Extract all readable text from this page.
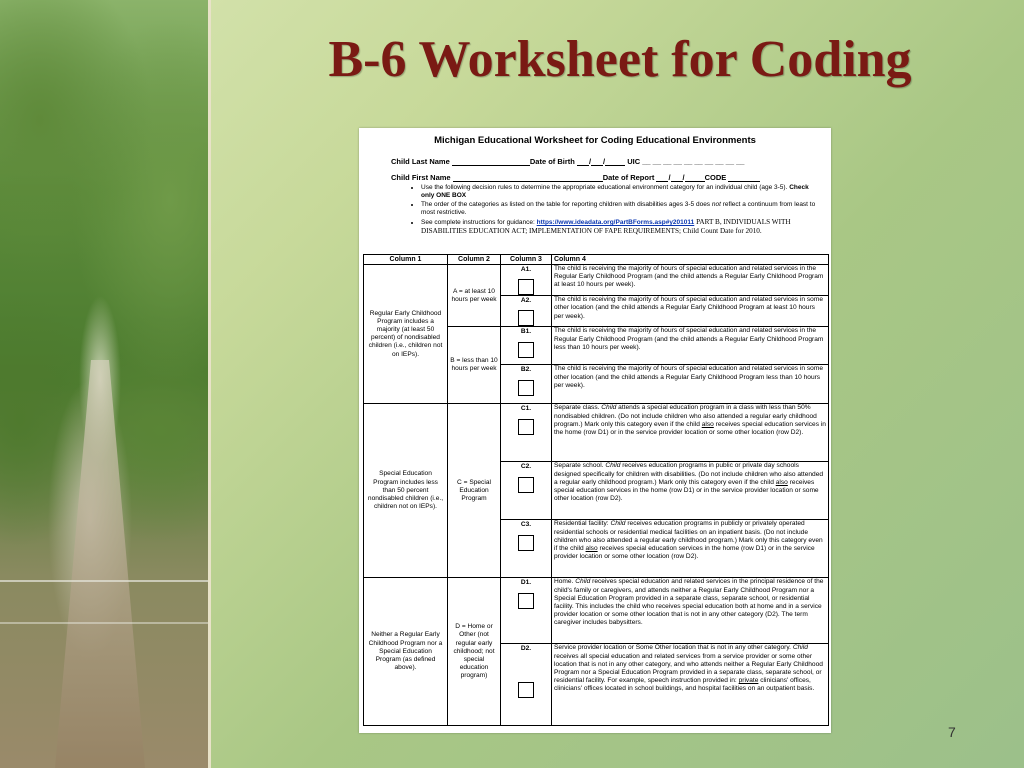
B-6 Worksheet for Coding
Michigan Educational Worksheet for Coding Educational Environments
Child Last Name	Date of Birth / /	UIC __ __ __ __ __ __ __ __ __ __
Child First Name	Date of Report / /	CODE
• Use the following decision rules to determine the appropriate educational environment category for an individual child (age 3-5). Check only ONE BOX
• The order of the categories as listed on the table for reporting children with disabilities ages 3-5 does not reflect a continuum from least to most restrictive.
• See complete instructions for guidance: https://www.ideadata.org/PartBForms.asp#y201011 PART B, INDIVIDUALS WITH DISABILITIES EDUCATION ACT; IMPLEMENTATION OF FAPE REQUIREMENTS; Child Count Date for 2010.
Column 1	Column 2	Column 3	Column 4
Regular Early Childhood Program includes a majority (at least 50 percent) of nondisabled children (i.e., children not on IEPs).	A = at least 10 hours per week	A1.	The child is receiving the majority of hours of special education and related services in the Regular Early Childhood Program (and the child attends a Regular Early Childhood Program at least 10 hours per week).
		A2.	The child is receiving the majority of hours of special education and related services in some other location (and the child attends a Regular Early Childhood Program at least 10 hours per week).
	B = less than 10 hours per week	B1.	The child is receiving the majority of hours of special education and related services in the Regular Early Childhood Program (and the child attends a Regular Early Childhood Program less than 10 hours per week).
		B2.	The child is receiving the majority of hours of special education and related services in some other location (and the child attends a Regular Early Childhood Program less than 10 hours per week).
Special Education Program includes less than 50 percent nondisabled children (i.e., children not on IEPs).	C = Special Education Program	C1.	Separate class. Child attends a special education program in a class with less than 50% nondisabled children. (Do not include children who also attended a regular early childhood program.) Mark only this category even if the child also receives special education services in the home (row D1) or in the service provider location or some other location (row D2).
		C2.	Separate school. Child receives education programs in public or private day schools designed specifically for children with disabilities. (Do not include children who also attended a regular early childhood program.) Mark only this category even if the child also receives special education services in the home (row D1) or in the service provider location or some other location (row D2).
		C3.	Residential facility: Child receives education programs in publicly or privately operated residential schools or residential medical facilities on an inpatient basis. (Do not include children who also attended a regular early childhood program.) Mark only this category even if the child also receives special education services in the home (row D1) or in the service provider location or some other location (row D2).
Neither a Regular Early Childhood Program nor a Special Education Program (as defined above).	D = Home or Other (not regular early childhood; not special education program)	D1.	Home. Child receives special education and related services in the principal residence of the child's family or caregivers, and attends neither a Regular Early Childhood Program nor a Special Education Program provided in a separate class, separate school, or residential facility. This includes the child who receives special education both at home and in a service provider location or some other location that is not in any other category (D2). The term caregiver includes babysitters.
		D2.	Service provider location or Some Other location that is not in any other category. Child receives all special education and related services from a service provider or some other location that is not in any other category, and who attends neither a Regular Early Childhood Program nor a Special Education Program provided in a separate class, separate school, or residential facility. For example, speech instruction provided in: private clinicians' offices, clinicians' offices located in school buildings, and hospital facilities on an outpatient basis.
7
